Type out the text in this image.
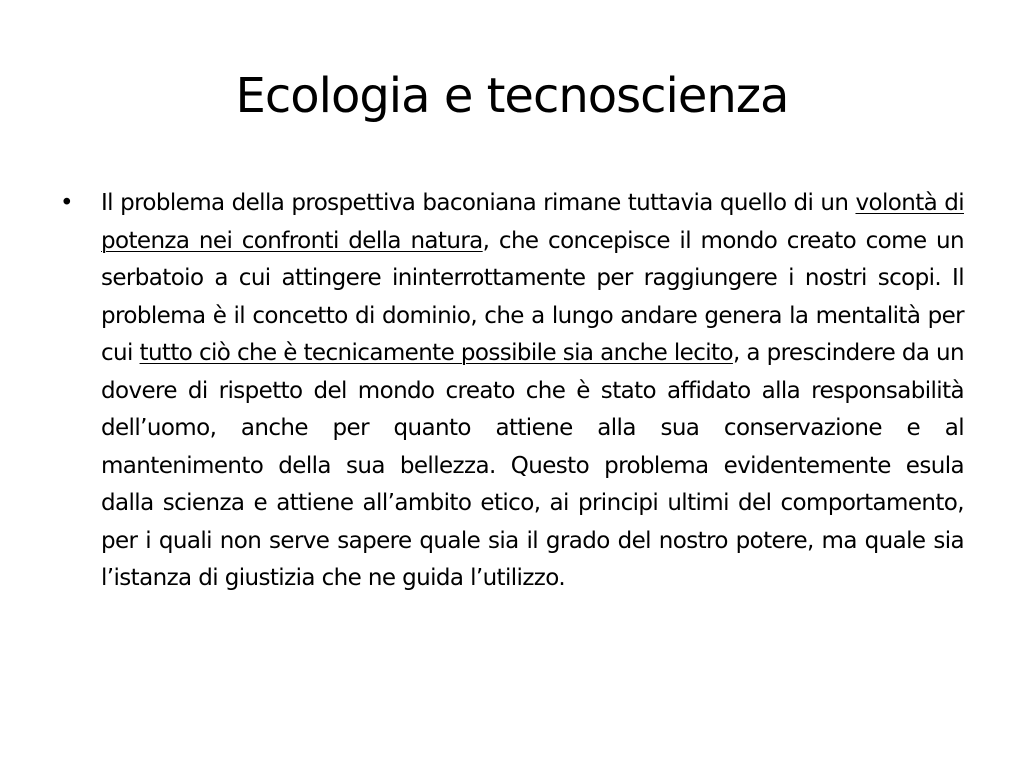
Ecologia e tecnoscienza
•	Il problema della prospettiva baconiana rimane tuttavia quello di un volontà di potenza nei confronti della natura, che concepisce il mondo creato come un serbatoio a cui attingere ininterrottamente per raggiungere i nostri scopi. Il problema è il concetto di dominio, che a lungo andare genera la mentalità per cui tutto ciò che è tecnicamente possibile sia anche lecito, a prescindere da un dovere di rispetto del mondo creato che è stato affidato alla responsabilità dell’uomo, anche per quanto attiene alla sua conservazione e al mantenimento della sua bellezza. Questo problema evidentemente esula dalla scienza e attiene all’ambito etico, ai principi ultimi del comportamento, per i quali non serve sapere quale sia il grado del nostro potere, ma quale sia l’istanza di giustizia che ne guida l’utilizzo.
